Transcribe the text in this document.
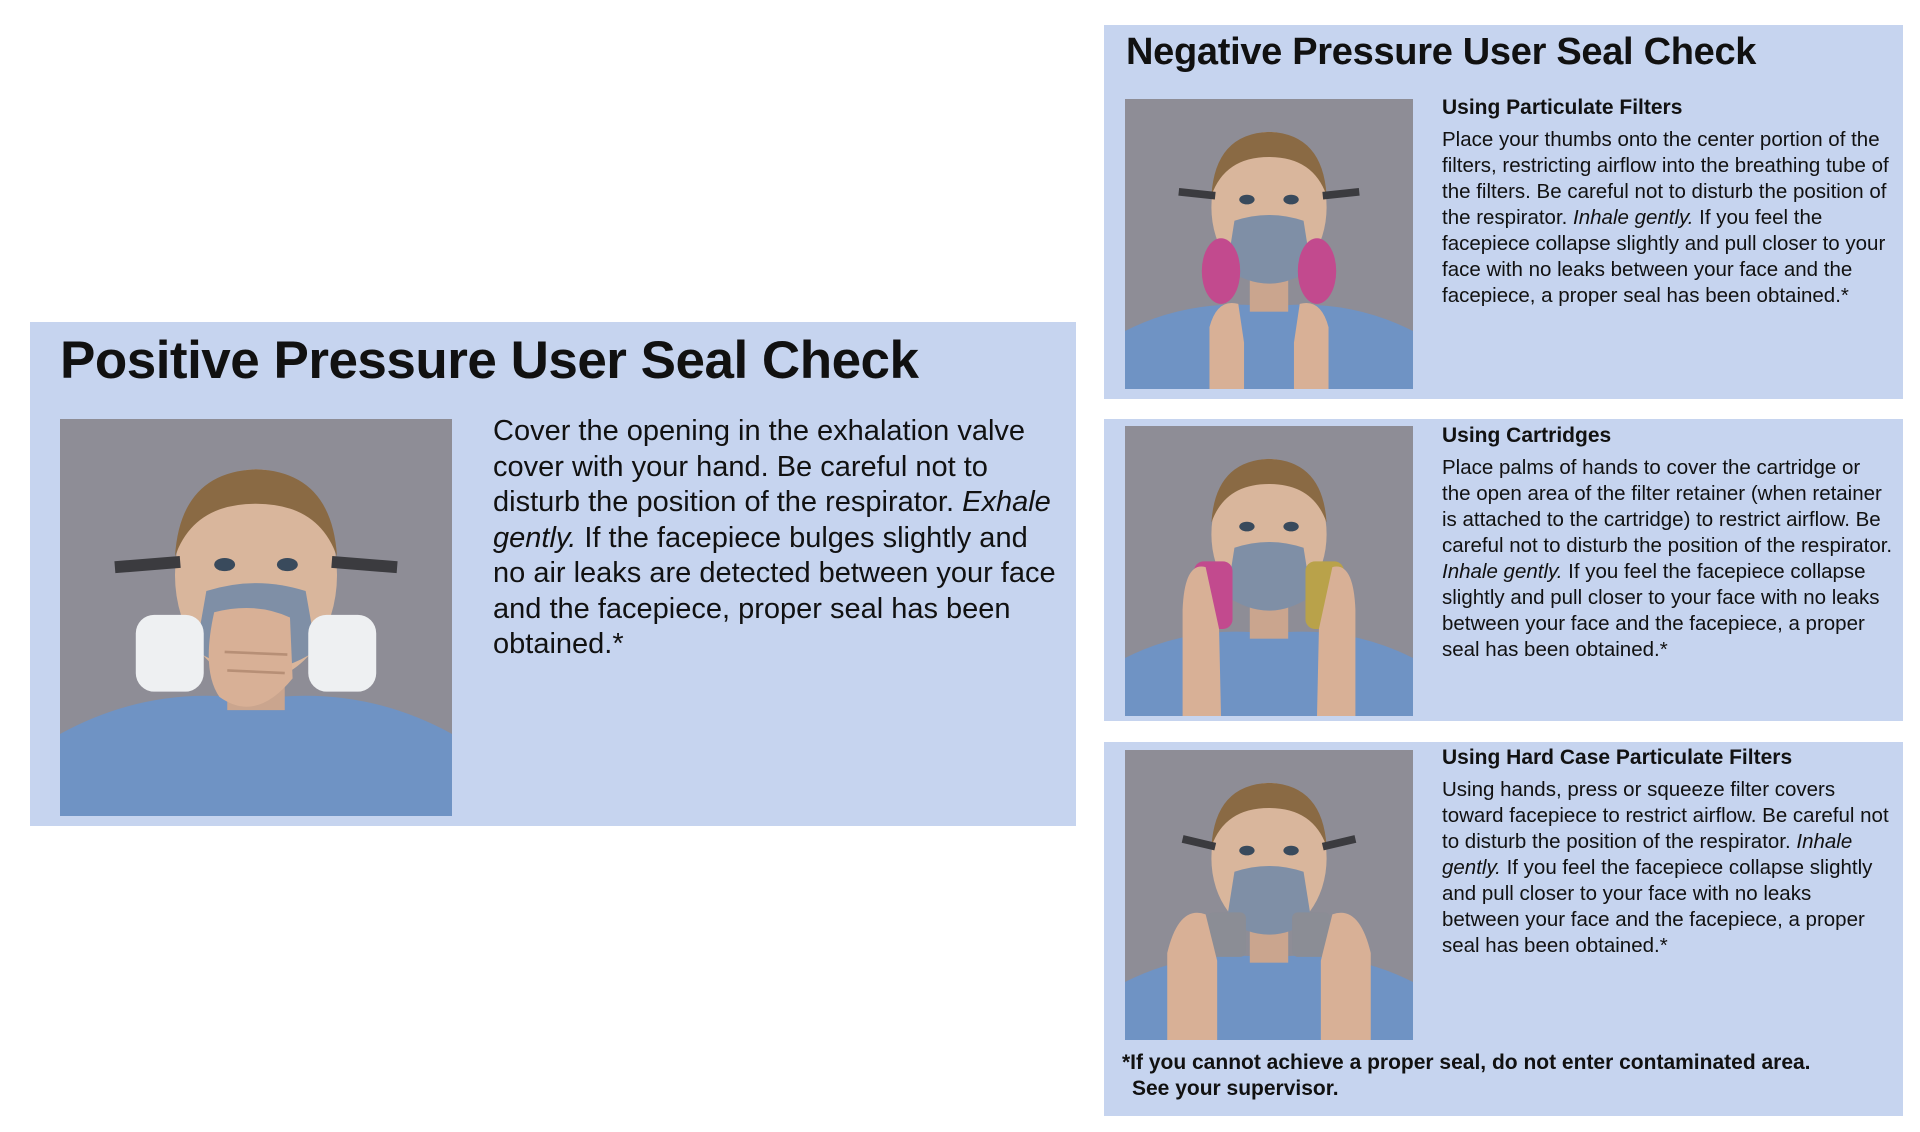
Positive Pressure User Seal Check
Cover the opening in the exhalation valve cover with your hand. Be careful not to disturb the position of the respirator. Exhale gently. If the facepiece bulges slightly and no air leaks are detected between your face and the facepiece, proper seal has been obtained.*
Negative Pressure User Seal Check
Using Particulate Filters

Place your thumbs onto the center portion of the filters, restricting airflow into the breathing tube of the filters. Be careful not to disturb the position of the respirator. Inhale gently. If you feel the facepiece collapse slightly and pull closer to your face with no leaks between your face and the facepiece, a proper seal has been obtained.*

Using Cartridges

Place palms of hands to cover the cartridge or the open area of the filter retainer (when retainer is attached to the cartridge) to restrict airflow. Be careful not to disturb the position of the respirator. Inhale gently. If you feel the facepiece collapse slightly and pull closer to your face with no leaks between your face and the facepiece, a proper seal has been obtained.*

Using Hard Case Particulate Filters

Using hands, press or squeeze filter covers toward facepiece to restrict airflow. Be careful not to disturb the position of the respirator. Inhale gently. If you feel the facepiece collapse slightly and pull closer to your face with no leaks between your face and the facepiece, a proper seal has been obtained.*

*If you cannot achieve a proper seal, do not enter contaminated area.
See your supervisor.
